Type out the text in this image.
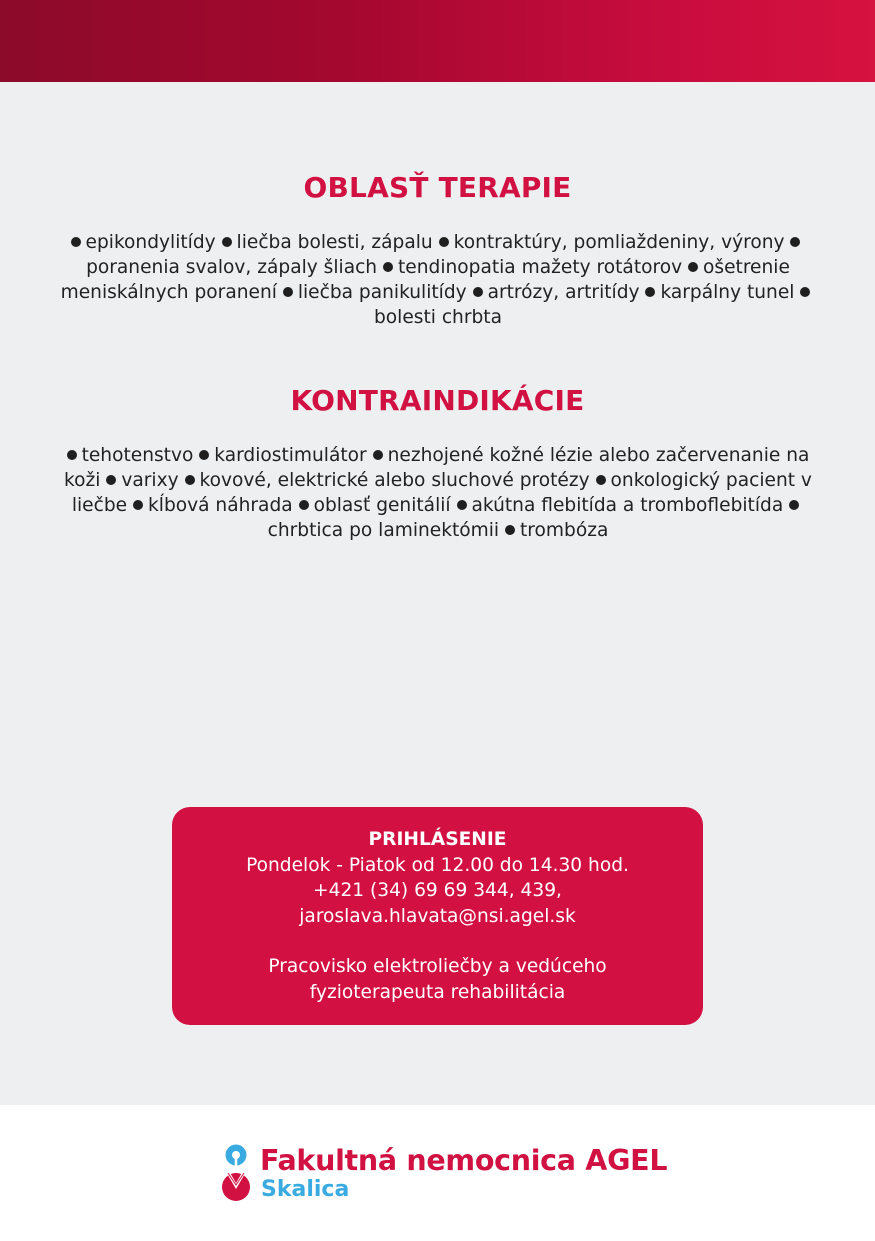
OBLASŤ TERAPIE
epikondylitídy liečba bolesti, zápalu kontraktúry, pomliaždeniny, výrony poranenia svalov, zápaly šliach tendinopatia mažety rotátorov ošetrenie meniskálnych poranení liečba panikulitídy artrózy, artritídy karpálny tunel bolesti chrbta
KONTRAINDIKÁCIE
tehotenstvo kardiostimulátor nezhojené kožné lézie alebo začervenanie na koži varixy kovové, elektrické alebo sluchové protézy onkologický pacient v liečbe kĺbová náhrada oblasť genitálií akútna flebitída a tromboflebitída chrbtica po laminektómii trombóza
PRIHLÁSENIE
Pondelok - Piatok od 12.00 do 14.30 hod.
+421 (34) 69 69 344, 439,
jaroslava.hlavata@nsi.agel.sk
Pracovisko elektroliečby a vedúceho
fyzioterapeuta rehabilitácia
Fakultná nemocnica AGEL
Skalica
